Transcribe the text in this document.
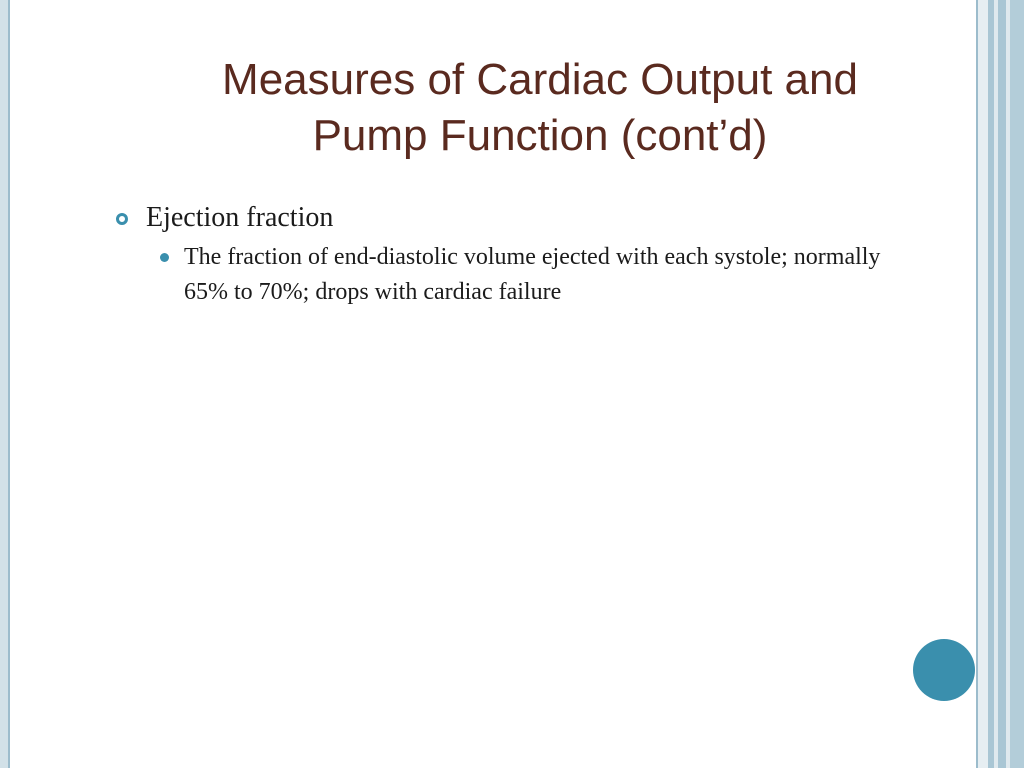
Measures of Cardiac Output and
Pump Function (cont’d)
Ejection fraction
The fraction of end-diastolic volume ejected with each systole; normally 65% to 70%; drops with cardiac failure
